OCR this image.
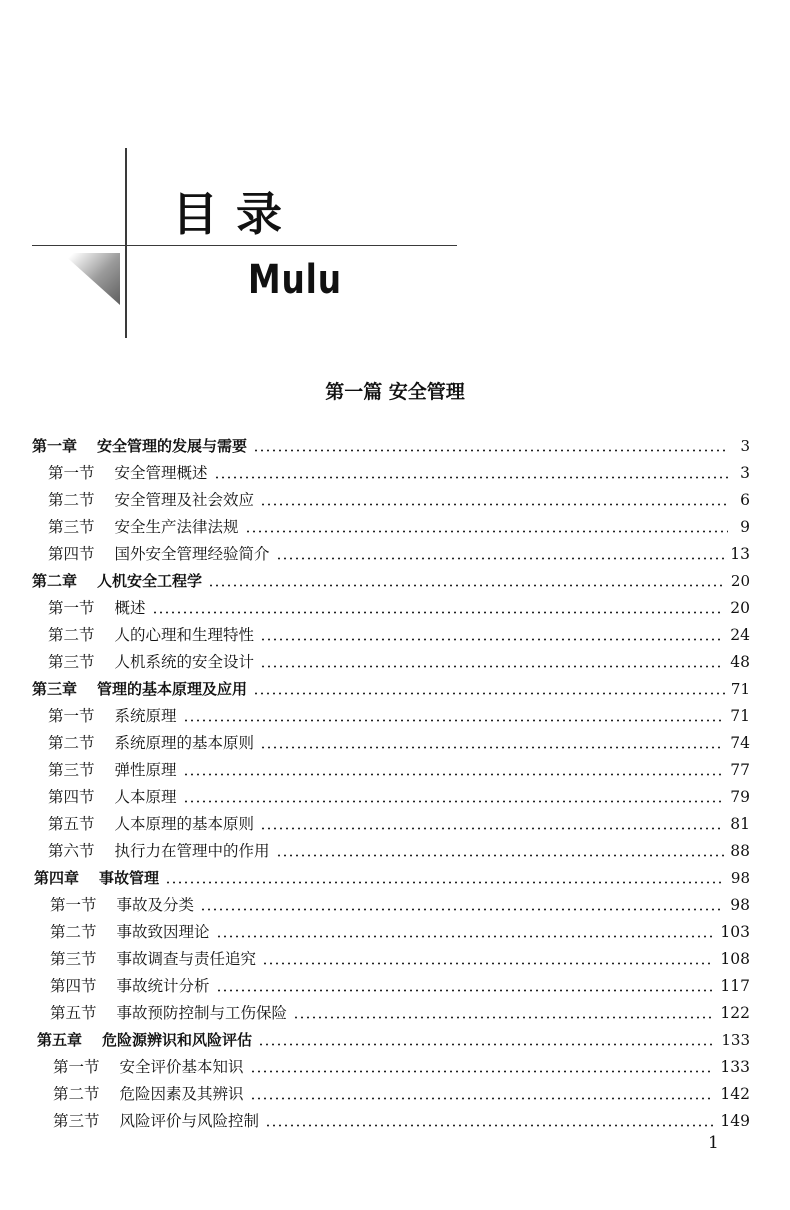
目录
Mulu
第一篇 安全管理
第一章 安全管理的发展与需要	3
第一节 安全管理概述	3
第二节 安全管理及社会效应	6
第三节 安全生产法律法规	9
第四节 国外安全管理经验简介	13
第二章 人机安全工程学	20
第一节 概述	20
第二节 人的心理和生理特性	24
第三节 人机系统的安全设计	48
第三章 管理的基本原理及应用	71
第一节 系统原理	71
第二节 系统原理的基本原则	74
第三节 弹性原理	77
第四节 人本原理	79
第五节 人本原理的基本原则	81
第六节 执行力在管理中的作用	88
第四章 事故管理	98
第一节 事故及分类	98
第二节 事故致因理论	103
第三节 事故调查与责任追究	108
第四节 事故统计分析	117
第五节 事故预防控制与工伤保险	122
第五章 危险源辨识和风险评估	133
第一节 安全评价基本知识	133
第二节 危险因素及其辨识	142
第三节 风险评价与风险控制	149
1
